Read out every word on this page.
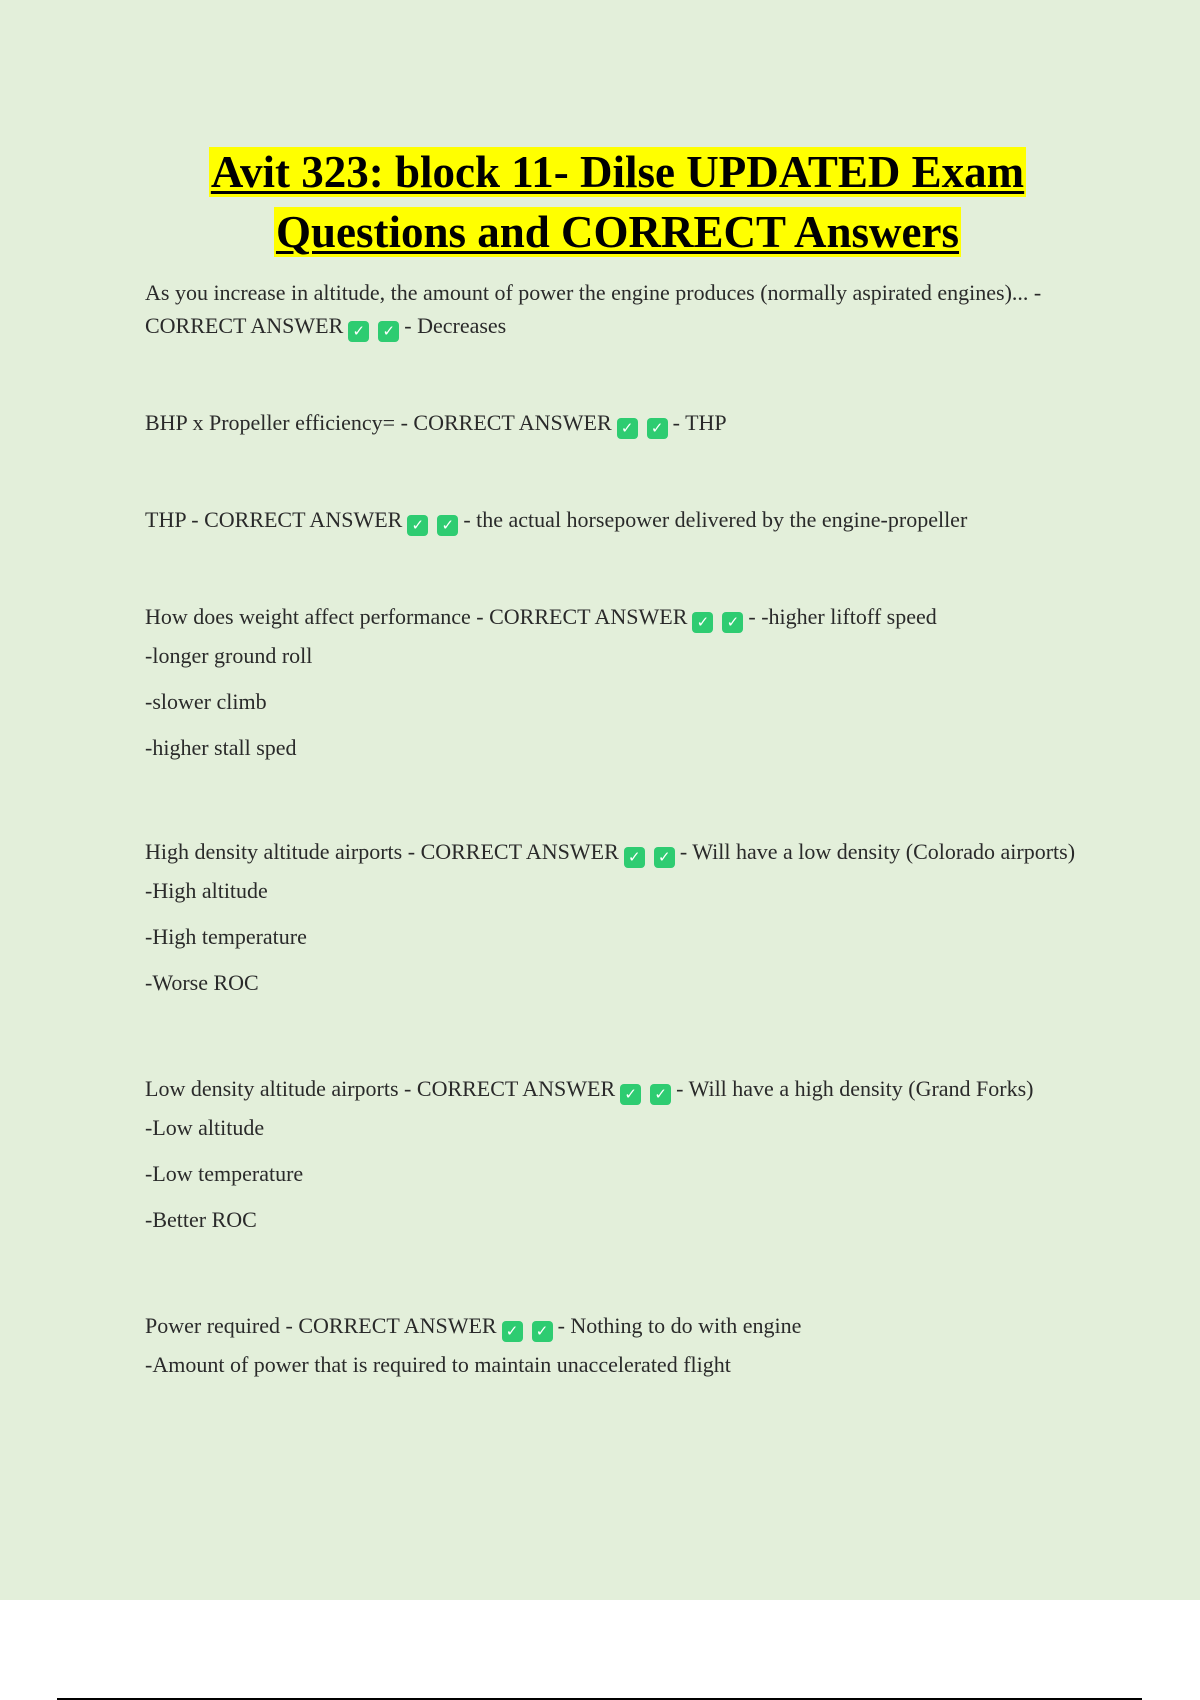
Avit 323: block 11- Dilse UPDATED Exam
Questions and CORRECT Answers
As you increase in altitude, the amount of power the engine produces (normally aspirated engines)... - CORRECT ANSWER ✓ ✓ - Decreases
BHP x Propeller efficiency= - CORRECT ANSWER ✓ ✓ - THP
THP - CORRECT ANSWER ✓ ✓ - the actual horsepower delivered by the engine-propeller
How does weight affect performance - CORRECT ANSWER ✓ ✓ - -higher liftoff speed
-longer ground roll
-slower climb
-higher stall sped
High density altitude airports - CORRECT ANSWER ✓ ✓ - Will have a low density (Colorado airports)
-High altitude
-High temperature
-Worse ROC
Low density altitude airports - CORRECT ANSWER ✓ ✓ - Will have a high density (Grand Forks)
-Low altitude
-Low temperature
-Better ROC
Power required - CORRECT ANSWER ✓ ✓ - Nothing to do with engine
-Amount of power that is required to maintain unaccelerated flight
